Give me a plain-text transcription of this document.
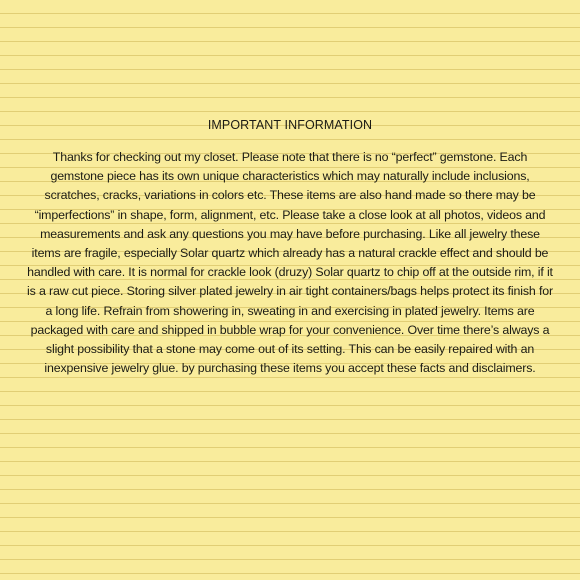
IMPORTANT INFORMATION

Thanks for checking out my closet. Please note that there is no “perfect” gemstone. Each gemstone piece has its own unique characteristics which may naturally include inclusions, scratches, cracks, variations in colors etc. These items are also hand made so there may be “imperfections” in shape, form, alignment, etc. Please take a close look at all photos, videos and measurements and ask any questions you may have before purchasing. Like all jewelry these items are fragile, especially Solar quartz which already has a natural crackle effect and should be handled with care. It is normal for crackle look (druzy) Solar quartz to chip off at the outside rim, if it is a raw cut piece. Storing silver plated jewelry in air tight containers/bags helps protect its finish for a long life. Refrain from showering in, sweating in and exercising in plated jewelry. Items are packaged with care and shipped in bubble wrap for your convenience. Over time there’s always a slight possibility that a stone may come out of its setting. This can be easily repaired with an inexpensive jewelry glue. by purchasing these items you accept these facts and disclaimers.
